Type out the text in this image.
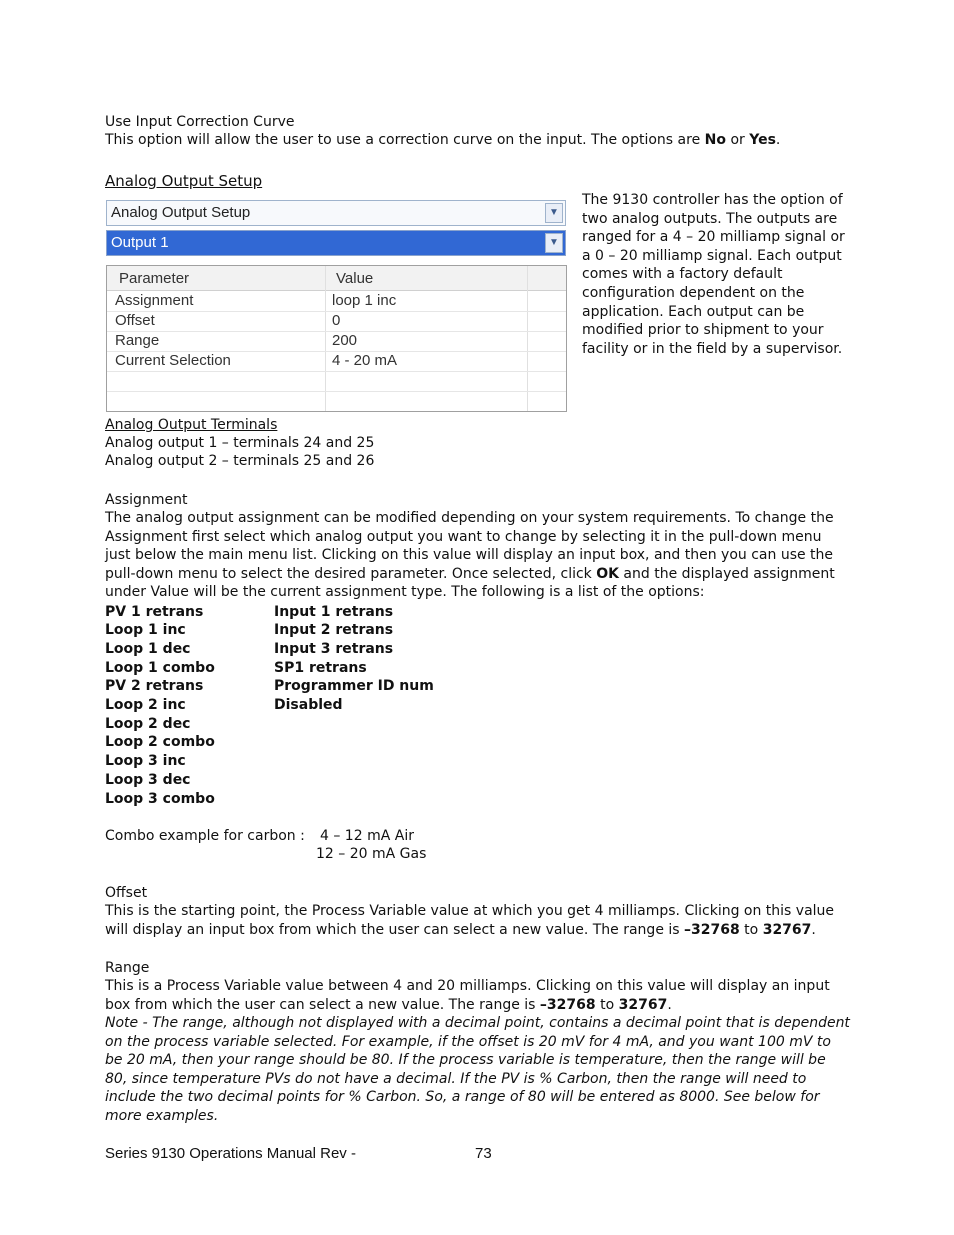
Use Input Correction Curve
This option will allow the user to use a correction curve on the input. The options are No or Yes.
Analog Output Setup
Analog Output Setup	▼
Output 1	▼
Parameter	Value
Assignment	loop 1 inc
Offset	0
Range	200
Current Selection	4 - 20 mA
The 9130 controller has the option of two analog outputs. The outputs are ranged for a 4 – 20 milliamp signal or a 0 – 20 milliamp signal. Each output comes with a factory default configuration dependent on the application. Each output can be modified prior to shipment to your facility or in the field by a supervisor.
Analog Output Terminals
Analog output 1 – terminals 24 and 25
Analog output 2 – terminals 25 and 26
Assignment
The analog output assignment can be modified depending on your system requirements. To change the Assignment first select which analog output you want to change by selecting it in the pull-down menu just below the main menu list. Clicking on this value will display an input box, and then you can use the pull-down menu to select the desired parameter. Once selected, click OK and the displayed assignment under Value will be the current assignment type. The following is a list of the options:
PV 1 retrans
Loop 1 inc
Loop 1 dec
Loop 1 combo
PV 2 retrans
Loop 2 inc
Loop 2 dec
Loop 2 combo
Loop 3 inc
Loop 3 dec
Loop 3 combo
Input 1 retrans
Input 2 retrans
Input 3 retrans
SP1 retrans
Programmer ID num
Disabled
Combo example for carbon : 4 – 12 mA Air
12 – 20 mA Gas
Offset
This is the starting point, the Process Variable value at which you get 4 milliamps. Clicking on this value will display an input box from which the user can select a new value. The range is –32768 to 32767.
Range
This is a Process Variable value between 4 and 20 milliamps. Clicking on this value will display an input box from which the user can select a new value. The range is –32768 to 32767.
Note - The range, although not displayed with a decimal point, contains a decimal point that is dependent on the process variable selected. For example, if the offset is 20 mV for 4 mA, and you want 100 mV to be 20 mA, then your range should be 80. If the process variable is temperature, then the range will be 80, since temperature PVs do not have a decimal. If the PV is % Carbon, then the range will need to include the two decimal points for % Carbon. So, a range of 80 will be entered as 8000. See below for more examples.
Series 9130 Operations Manual Rev -	73
